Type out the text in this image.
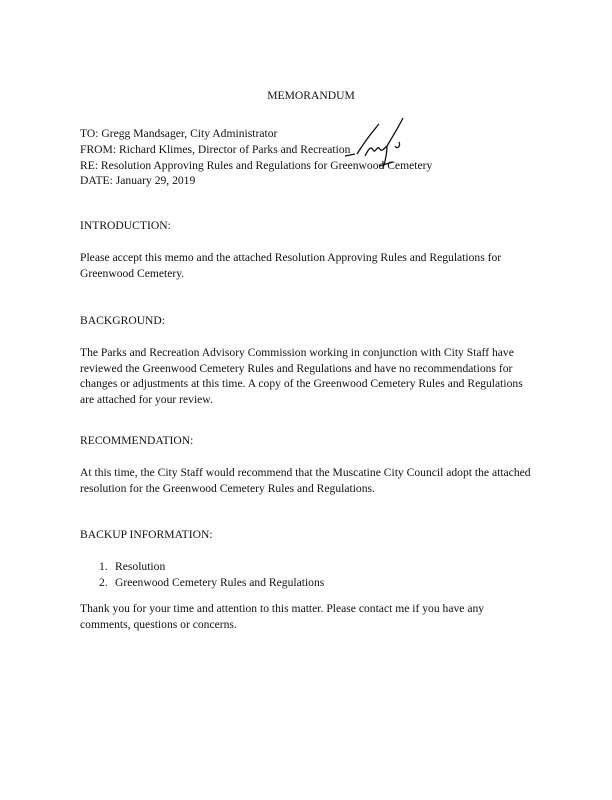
MEMORANDUM
TO: Gregg Mandsager, City Administrator
FROM: Richard Klimes, Director of Parks and Recreation
RE: Resolution Approving Rules and Regulations for Greenwood Cemetery
DATE: January 29, 2019
INTRODUCTION:
Please accept this memo and the attached Resolution Approving Rules and Regulations for
Greenwood Cemetery.
BACKGROUND:
The Parks and Recreation Advisory Commission working in conjunction with City Staff have
reviewed the Greenwood Cemetery Rules and Regulations and have no recommendations for
changes or adjustments at this time. A copy of the Greenwood Cemetery Rules and Regulations
are attached for your review.
RECOMMENDATION:
At this time, the City Staff would recommend that the Muscatine City Council adopt the attached
resolution for the Greenwood Cemetery Rules and Regulations.
BACKUP INFORMATION:
1. Resolution
2. Greenwood Cemetery Rules and Regulations
Thank you for your time and attention to this matter. Please contact me if you have any
comments, questions or concerns.
